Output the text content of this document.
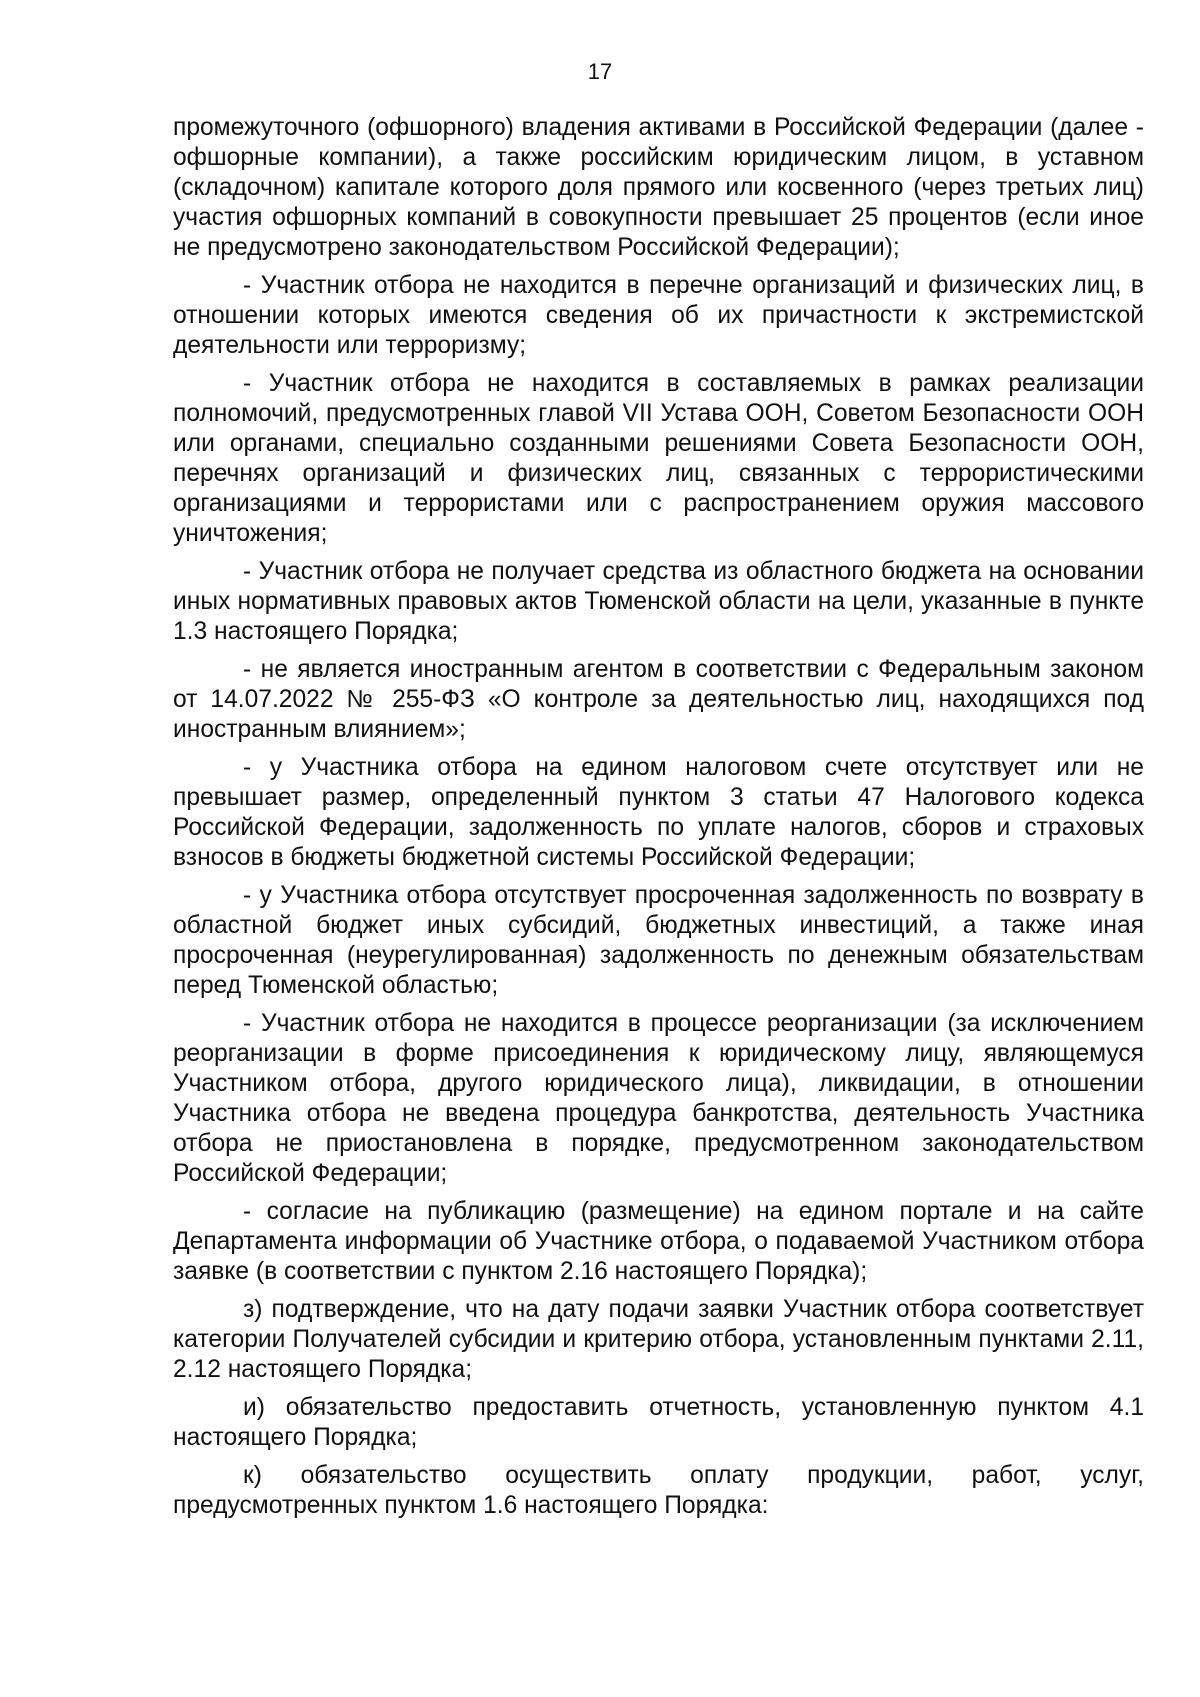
17

промежуточного (офшорного) владения активами в Российской Федерации (далее - офшорные компании), а также российским юридическим лицом, в уставном (складочном) капитале которого доля прямого или косвенного (через третьих лиц) участия офшорных компаний в совокупности превышает 25 процентов (если иное не предусмотрено законодательством Российской Федерации);

- Участник отбора не находится в перечне организаций и физических лиц, в отношении которых имеются сведения об их причастности к экстремистской деятельности или терроризму;

- Участник отбора не находится в составляемых в рамках реализации полномочий, предусмотренных главой VII Устава ООН, Советом Безопасности ООН или органами, специально созданными решениями Совета Безопасности ООН, перечнях организаций и физических лиц, связанных с террористическими организациями и террористами или с распространением оружия массового уничтожения;

- Участник отбора не получает средства из областного бюджета на основании иных нормативных правовых актов Тюменской области на цели, указанные в пункте 1.3 настоящего Порядка;

- не является иностранным агентом в соответствии с Федеральным законом от 14.07.2022 № 255-ФЗ «О контроле за деятельностью лиц, находящихся под иностранным влиянием»;

- у Участника отбора на едином налоговом счете отсутствует или не превышает размер, определенный пунктом 3 статьи 47 Налогового кодекса Российской Федерации, задолженность по уплате налогов, сборов и страховых взносов в бюджеты бюджетной системы Российской Федерации;

- у Участника отбора отсутствует просроченная задолженность по возврату в областной бюджет иных субсидий, бюджетных инвестиций, а также иная просроченная (неурегулированная) задолженность по денежным обязательствам перед Тюменской областью;

- Участник отбора не находится в процессе реорганизации (за исключением реорганизации в форме присоединения к юридическому лицу, являющемуся Участником отбора, другого юридического лица), ликвидации, в отношении Участника отбора не введена процедура банкротства, деятельность Участника отбора не приостановлена в порядке, предусмотренном законодательством Российской Федерации;

- согласие на публикацию (размещение) на едином портале и на сайте Департамента информации об Участнике отбора, о подаваемой Участником отбора заявке (в соответствии с пунктом 2.16 настоящего Порядка);

з) подтверждение, что на дату подачи заявки Участник отбора соответствует категории Получателей субсидии и критерию отбора, установленным пунктами 2.11, 2.12 настоящего Порядка;

и) обязательство предоставить отчетность, установленную пунктом 4.1 настоящего Порядка;

к) обязательство осуществить оплату продукции, работ, услуг, предусмотренных пунктом 1.6 настоящего Порядка:
